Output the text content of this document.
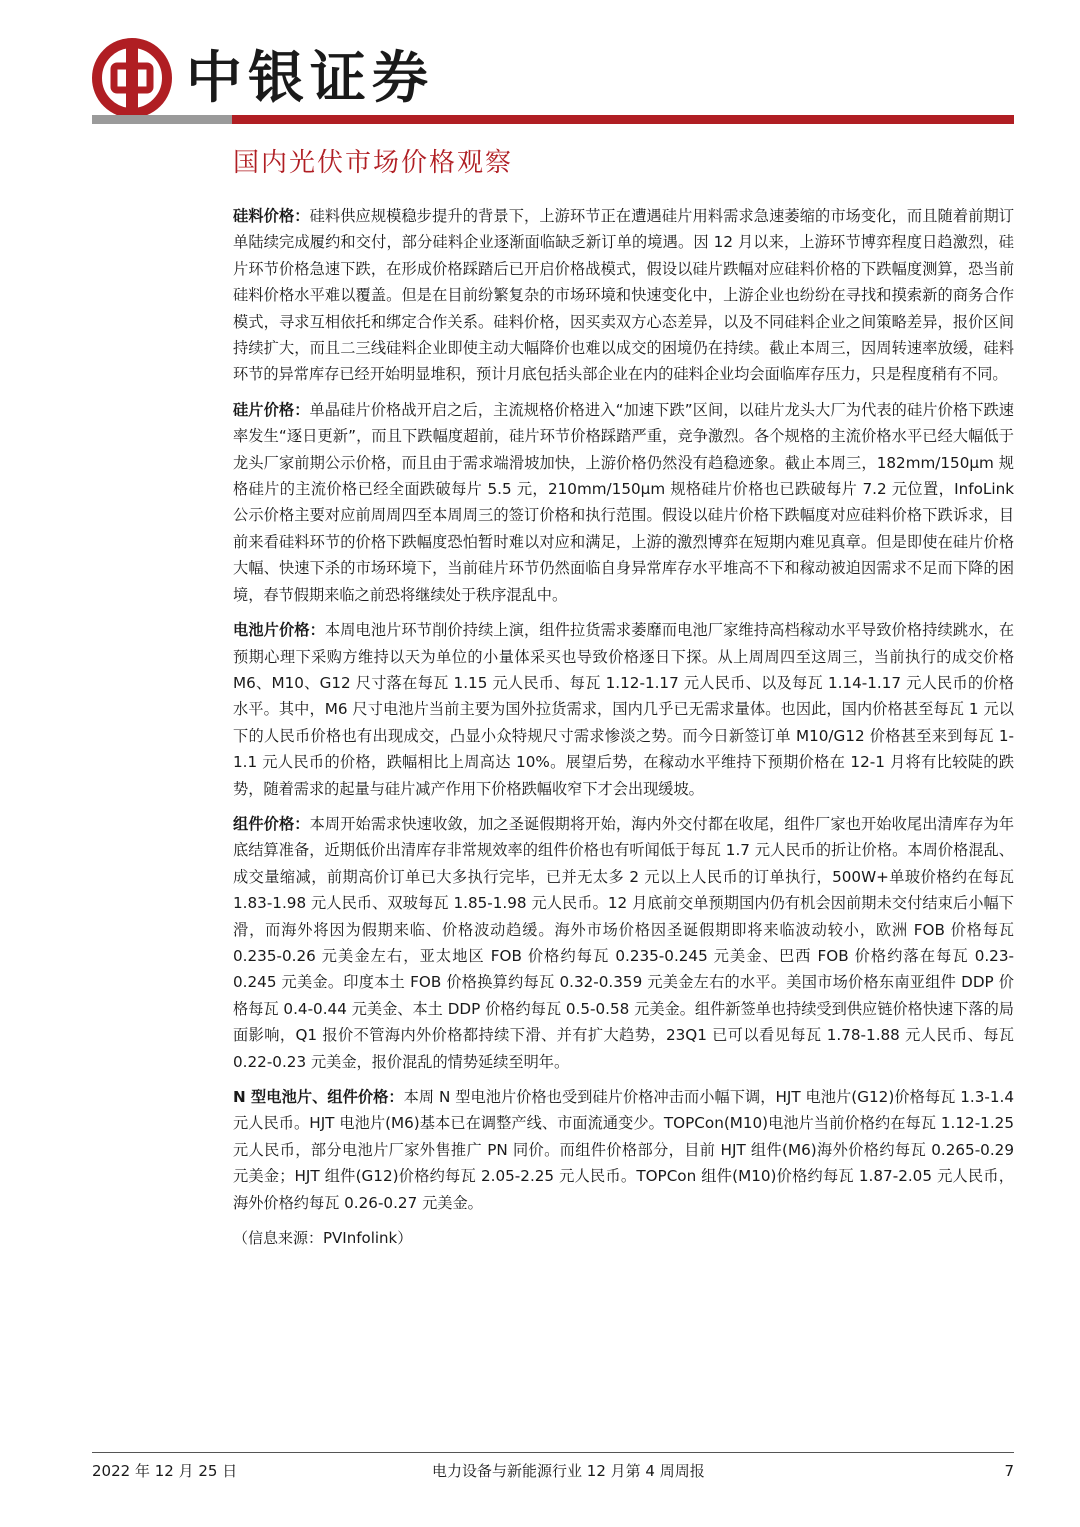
中银证券
国内光伏市场价格观察

硅料价格：硅料供应规模稳步提升的背景下，上游环节正在遭遇硅片用料需求急速萎缩的市场变化，而且随着前期订单陆续完成履约和交付，部分硅料企业逐渐面临缺乏新订单的境遇。因 12 月以来，上游环节博弈程度日趋激烈，硅片环节价格急速下跌，在形成价格踩踏后已开启价格战模式，假设以硅片跌幅对应硅料价格的下跌幅度测算，恐当前硅料价格水平难以覆盖。但是在目前纷繁复杂的市场环境和快速变化中，上游企业也纷纷在寻找和摸索新的商务合作模式，寻求互相依托和绑定合作关系。硅料价格，因买卖双方心态差异，以及不同硅料企业之间策略差异，报价区间持续扩大，而且二三线硅料企业即使主动大幅降价也难以成交的困境仍在持续。截止本周三，因周转速率放缓，硅料环节的异常库存已经开始明显堆积，预计月底包括头部企业在内的硅料企业均会面临库存压力，只是程度稍有不同。

硅片价格：单晶硅片价格战开启之后，主流规格价格进入“加速下跌”区间，以硅片龙头大厂为代表的硅片价格下跌速率发生“逐日更新”，而且下跌幅度超前，硅片环节价格踩踏严重，竞争激烈。各个规格的主流价格水平已经大幅低于龙头厂家前期公示价格，而且由于需求端滑坡加快，上游价格仍然没有趋稳迹象。截止本周三，182mm/150μm 规格硅片的主流价格已经全面跌破每片 5.5 元，210mm/150μm 规格硅片价格也已跌破每片 7.2 元位置，InfoLink 公示价格主要对应前周周四至本周周三的签订价格和执行范围。假设以硅片价格下跌幅度对应硅料价格下跌诉求，目前来看硅料环节的价格下跌幅度恐怕暂时难以对应和满足，上游的激烈博弈在短期内难见真章。但是即使在硅片价格大幅、快速下杀的市场环境下，当前硅片环节仍然面临自身异常库存水平堆高不下和稼动被迫因需求不足而下降的困境，春节假期来临之前恐将继续处于秩序混乱中。

电池片价格：本周电池片环节削价持续上演，组件拉货需求萎靡而电池厂家维持高档稼动水平导致价格持续跳水，在预期心理下采购方维持以天为单位的小量体采买也导致价格逐日下探。从上周周四至这周三，当前执行的成交价格 M6、M10、G12 尺寸落在每瓦 1.15 元人民币、每瓦 1.12-1.17 元人民币、以及每瓦 1.14-1.17 元人民币的价格水平。其中，M6 尺寸电池片当前主要为国外拉货需求，国内几乎已无需求量体。也因此，国内价格甚至每瓦 1 元以下的人民币价格也有出现成交，凸显小众特规尺寸需求惨淡之势。而今日新签订单 M10/G12 价格甚至来到每瓦 1-1.1 元人民币的价格，跌幅相比上周高达 10%。展望后势，在稼动水平维持下预期价格在 12-1 月将有比较陡的跌势，随着需求的起量与硅片减产作用下价格跌幅收窄下才会出现缓坡。

组件价格：本周开始需求快速收敛，加之圣诞假期将开始，海内外交付都在收尾，组件厂家也开始收尾出清库存为年底结算准备，近期低价出清库存非常规效率的组件价格也有听闻低于每瓦 1.7 元人民币的折让价格。本周价格混乱、成交量缩减，前期高价订单已大多执行完毕，已并无太多 2 元以上人民币的订单执行，500W+单玻价格约在每瓦 1.83-1.98 元人民币、双玻每瓦 1.85-1.98 元人民币。12 月底前交单预期国内仍有机会因前期未交付结束后小幅下滑，而海外将因为假期来临、价格波动趋缓。海外市场价格因圣诞假期即将来临波动较小，欧洲 FOB 价格每瓦 0.235-0.26 元美金左右，亚太地区 FOB 价格约每瓦 0.235-0.245 元美金、巴西 FOB 价格约落在每瓦 0.23-0.245 元美金。印度本土 FOB 价格换算约每瓦 0.32-0.359 元美金左右的水平。美国市场价格东南亚组件 DDP 价格每瓦 0.4-0.44 元美金、本土 DDP 价格约每瓦 0.5-0.58 元美金。组件新签单也持续受到供应链价格快速下落的局面影响，Q1 报价不管海内外价格都持续下滑、并有扩大趋势，23Q1 已可以看见每瓦 1.78-1.88 元人民币、每瓦 0.22-0.23 元美金，报价混乱的情势延续至明年。

N 型电池片、组件价格：本周 N 型电池片价格也受到硅片价格冲击而小幅下调，HJT 电池片(G12)价格每瓦 1.3-1.4 元人民币。HJT 电池片(M6)基本已在调整产线、市面流通变少。TOPCon(M10)电池片当前价格约在每瓦 1.12-1.25 元人民币，部分电池片厂家外售推广 PN 同价。而组件价格部分，目前 HJT 组件(M6)海外价格约每瓦 0.265-0.29 元美金；HJT 组件(G12)价格约每瓦 2.05-2.25 元人民币。TOPCon 组件(M10)价格约每瓦 1.87-2.05 元人民币，海外价格约每瓦 0.26-0.27 元美金。

（信息来源：PVInfolink）
2022 年 12 月 25 日	电力设备与新能源行业 12 月第 4 周周报	7
